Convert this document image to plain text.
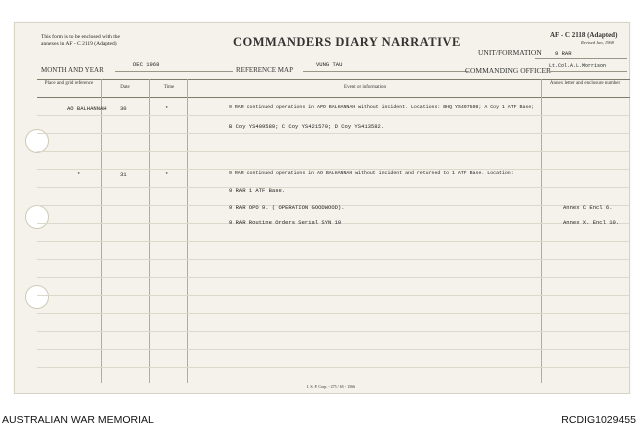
This form is to be enclosed with the
annexes in AF - C 2119 (Adapted)	COMMANDERS DIARY NARRATIVE	AF - C 2118 (Adapted)
Revised Jan, 1968
UNIT/FORMATION 9 RAR
MONTH AND YEAR
DEC 1968
REFERENCE MAP
VUNG TAU
COMMANDING OFFICER
Lt.Col.A.L.Morrison
Place and grid reference
Date	Time	Event or information
Annex letter and enclosure number
AO BALHANNAH 30	*	9 RAR continued operations in APO BALHANNAH without incident. Locations: BHQ YS407508; A Coy 1 ATF Base;
B Coy YS409589; C Coy YS421570; D Coy YS413582.
*	31	*	9 RAR continued operations in AO BALHANNAH without incident and returned to 1 ATF Base. Location:
9 RAR 1 ATF Base.
9 RAR OPO 9. ( OPERATION GOODWOOD).	Annex C Encl 6.
9 RAR Routine Orders Serial SYN 10	Annex X. Encl 10.
I. S. P. Corp. - 275 / 65 - 1566
AUSTRALIAN WAR MEMORIAL	RCDIG1029455
